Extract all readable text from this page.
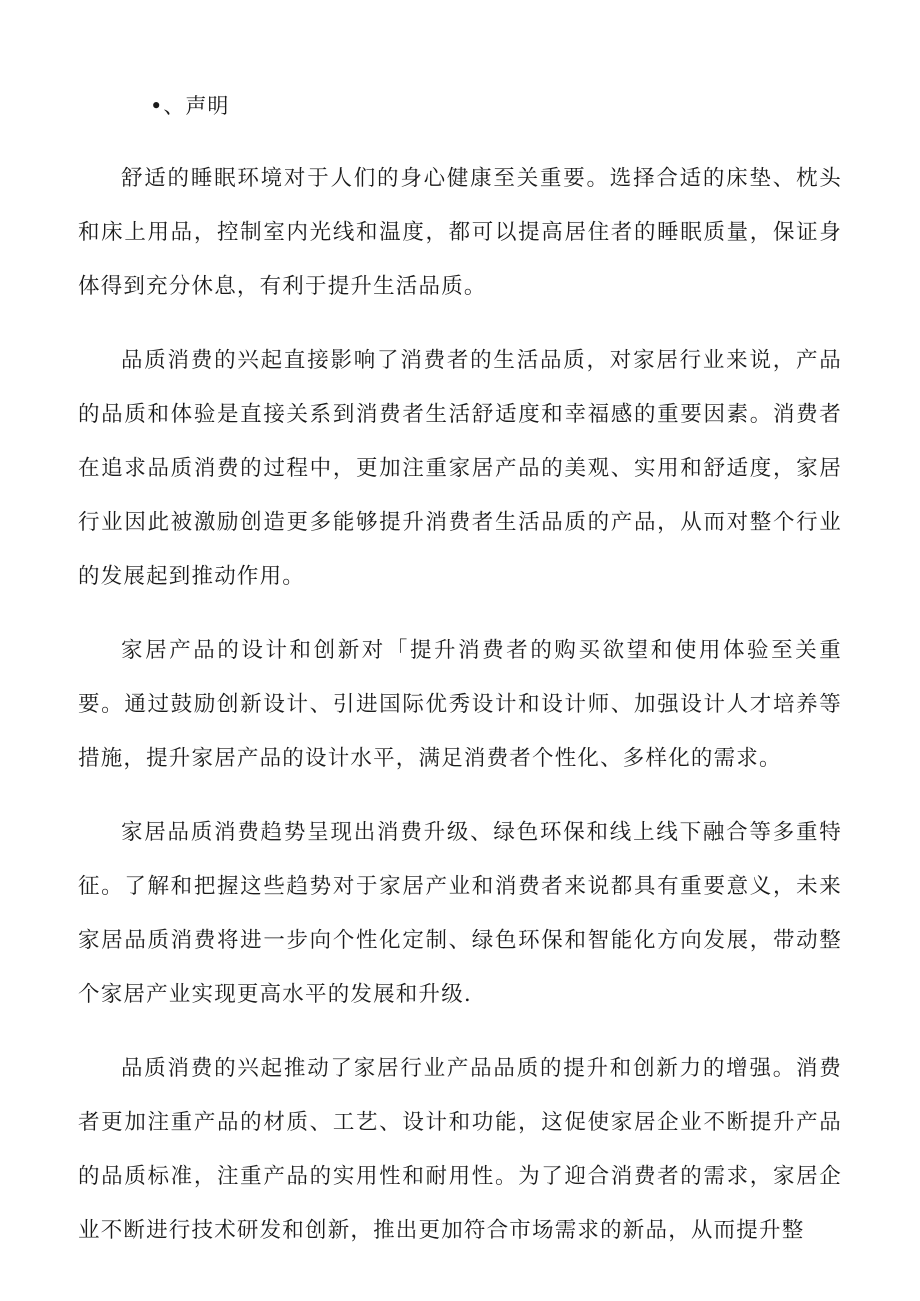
•、声明

舒适的睡眠环境对于人们的身心健康至关重要。选择合适的床垫、枕头和床上用品，控制室内光线和温度，都可以提高居住者的睡眠质量，保证身体得到充分休息，有利于提升生活品质。

品质消费的兴起直接影响了消费者的生活品质，对家居行业来说，产品的品质和体验是直接关系到消费者生活舒适度和幸福感的重要因素。消费者在追求品质消费的过程中，更加注重家居产品的美观、实用和舒适度，家居行业因此被激励创造更多能够提升消费者生活品质的产品，从而对整个行业的发展起到推动作用。

家居产品的设计和创新对「提升消费者的购买欲望和使用体验至关重要。通过鼓励创新设计、引进国际优秀设计和设计师、加强设计人才培养等措施，提升家居产品的设计水平，满足消费者个性化、多样化的需求。

家居品质消费趋势呈现出消费升级、绿色环保和线上线下融合等多重特征。了解和把握这些趋势对于家居产业和消费者来说都具有重要意义，未来家居品质消费将进一步向个性化定制、绿色环保和智能化方向发展，带动整个家居产业实现更高水平的发展和升级.

品质消费的兴起推动了家居行业产品品质的提升和创新力的增强。消费者更加注重产品的材质、工艺、设计和功能，这促使家居企业不断提升产品的品质标准，注重产品的实用性和耐用性。为了迎合消费者的需求，家居企业不断进行技术研发和创新，推出更加符合市场需求的新品，从而提升整
